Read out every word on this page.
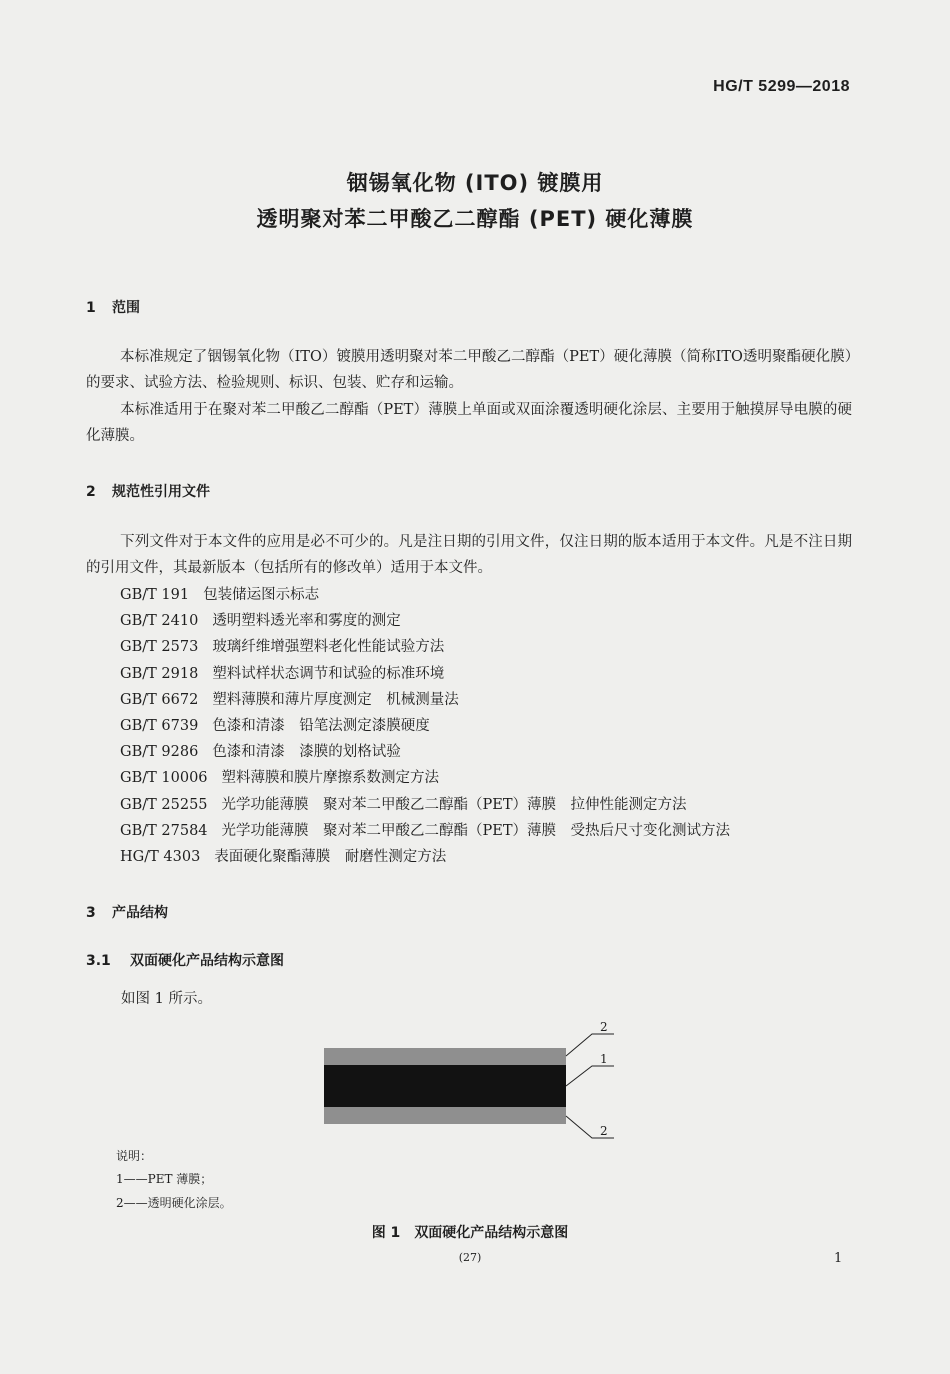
HG/T 5299—2018
铟锡氧化物 (ITO) 镀膜用
透明聚对苯二甲酸乙二醇酯 (PET) 硬化薄膜
1 范围
本标准规定了铟锡氧化物（ITO）镀膜用透明聚对苯二甲酸乙二醇酯（PET）硬化薄膜（简称ITO透明聚酯硬化膜）的要求、试验方法、检验规则、标识、包装、贮存和运输。
本标准适用于在聚对苯二甲酸乙二醇酯（PET）薄膜上单面或双面涂覆透明硬化涂层、主要用于触摸屏导电膜的硬化薄膜。
2 规范性引用文件
下列文件对于本文件的应用是必不可少的。凡是注日期的引用文件，仅注日期的版本适用于本文件。凡是不注日期的引用文件，其最新版本（包括所有的修改单）适用于本文件。
GB/T 191 包装储运图示标志
GB/T 2410 透明塑料透光率和雾度的测定
GB/T 2573 玻璃纤维增强塑料老化性能试验方法
GB/T 2918 塑料试样状态调节和试验的标准环境
GB/T 6672 塑料薄膜和薄片厚度测定　机械测量法
GB/T 6739 色漆和清漆　铅笔法测定漆膜硬度
GB/T 9286 色漆和清漆　漆膜的划格试验
GB/T 10006 塑料薄膜和膜片摩擦系数测定方法
GB/T 25255 光学功能薄膜　聚对苯二甲酸乙二醇酯（PET）薄膜　拉伸性能测定方法
GB/T 27584 光学功能薄膜　聚对苯二甲酸乙二醇酯（PET）薄膜　受热后尺寸变化测试方法
HG/T 4303 表面硬化聚酯薄膜　耐磨性测定方法
3 产品结构
3.1 双面硬化产品结构示意图
如图 1 所示。
2
1
2
说明：
1——PET 薄膜；
2——透明硬化涂层。
图 1 双面硬化产品结构示意图
(27)	1
